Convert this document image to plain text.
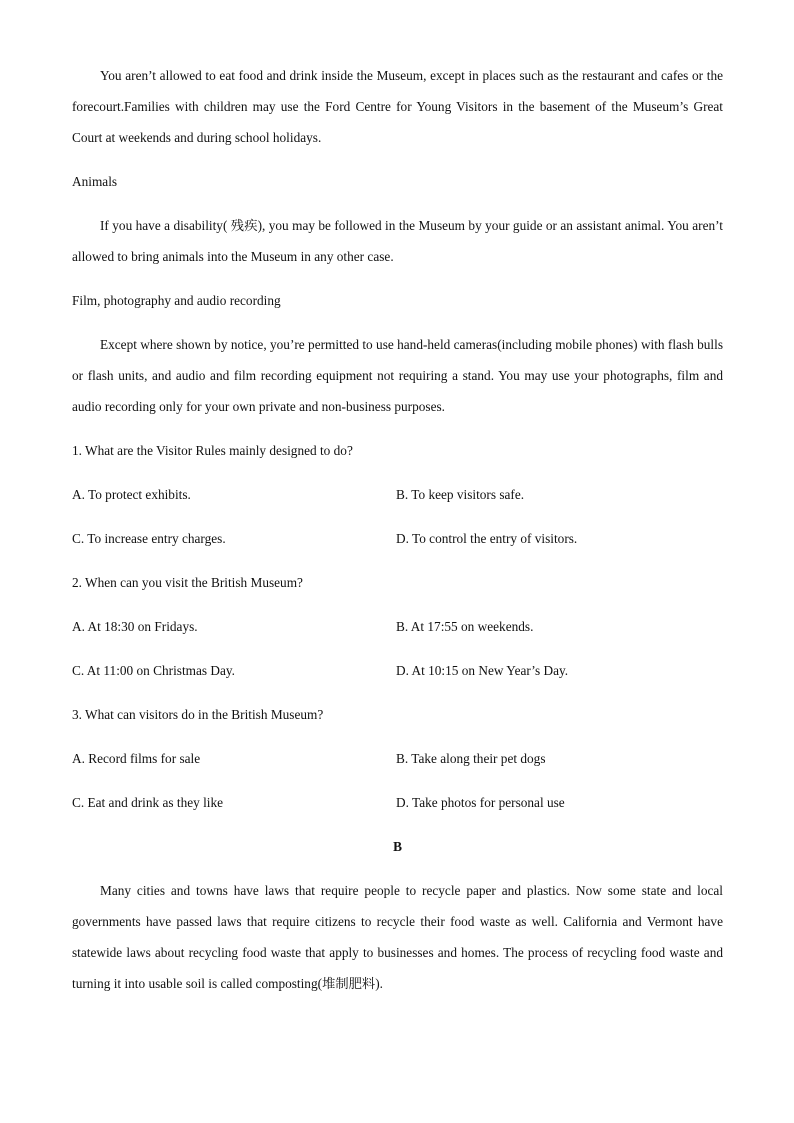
You aren’t allowed to eat food and drink inside the Museum, except in places such as the restaurant and cafes or the forecourt.Families with children may use the Ford Centre for Young Visitors in the basement of the Museum’s Great Court at weekends and during school holidays.

Animals

If you have a disability( 残疾), you may be followed in the Museum by your guide or an assistant animal. You aren’t allowed to bring animals into the Museum in any other case.

Film, photography and audio recording

Except where shown by notice, you’re permitted to use hand-held cameras(including mobile phones) with flash bulls or flash units, and audio and film recording equipment not requiring a stand. You may use your photographs, film and audio recording only for your own private and non-business purposes.

1. What are the Visitor Rules mainly designed to do?

A. To protect exhibits.	B. To keep visitors safe.
C. To increase entry charges.	D. To control the entry of visitors.

2. When can you visit the British Museum?

A. At 18:30 on Fridays.	B. At 17:55 on weekends.
C. At 11:00 on Christmas Day.	D. At 10:15 on New Year’s Day.

3. What can visitors do in the British Museum?

A. Record films for sale	B. Take along their pet dogs
C. Eat and drink as they like	D. Take photos for personal use
B

Many cities and towns have laws that require people to recycle paper and plastics. Now some state and local governments have passed laws that require citizens to recycle their food waste as well. California and Vermont have statewide laws about recycling food waste that apply to businesses and homes. The process of recycling food waste and turning it into usable soil is called composting(堆制肥料).
